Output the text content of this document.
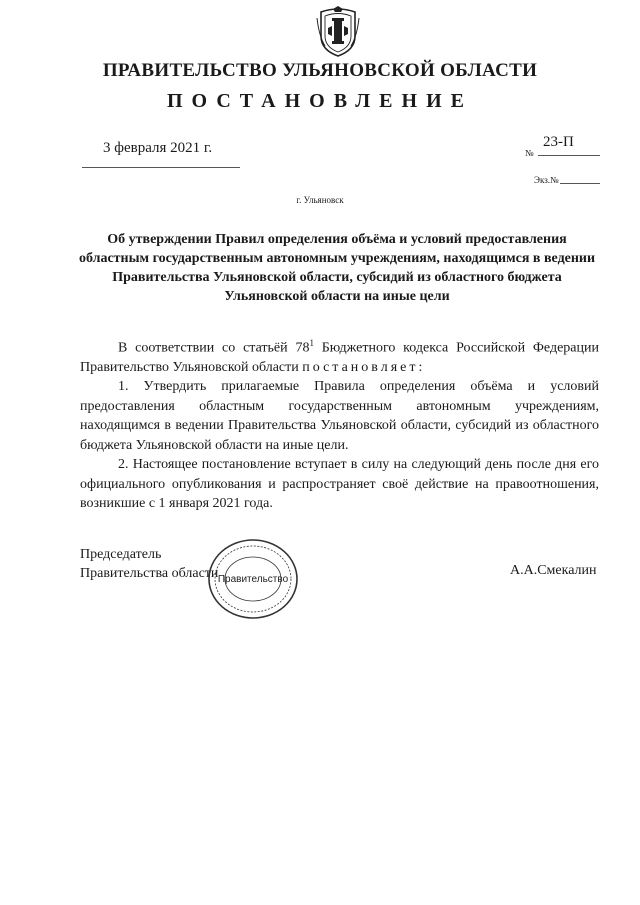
ПРАВИТЕЛЬСТВО УЛЬЯНОВСКОЙ ОБЛАСТИ
ПОСТАНОВЛЕНИЕ
3 февраля 2021 г.	№
23-П
Экз.№
г. Ульяновск
Об утверждении Правил определения объёма и условий предоставления областным государственным автономным учреждениям, находящимся в ведении Правительства Ульяновской области, субсидий из областного бюджета Ульяновской области на иные цели

В соответствии со статьёй $78^1$ Бюджетного кодекса Российской Федерации Правительство Ульяновской области постановляет:

1. Утвердить прилагаемые Правила определения объёма и условий предоставления областным государственным автономным учреждениям, находящимся в ведении Правительства Ульяновской области, субсидий из областного бюджета Ульяновской области на иные цели.

2. Настоящее постановление вступает в силу на следующий день после дня его официального опубликования и распространяет своё действие на правоотношения, возникшие с 1 января 2021 года.

Председатель
Правительства области Правительство
А.А.Смекалин
